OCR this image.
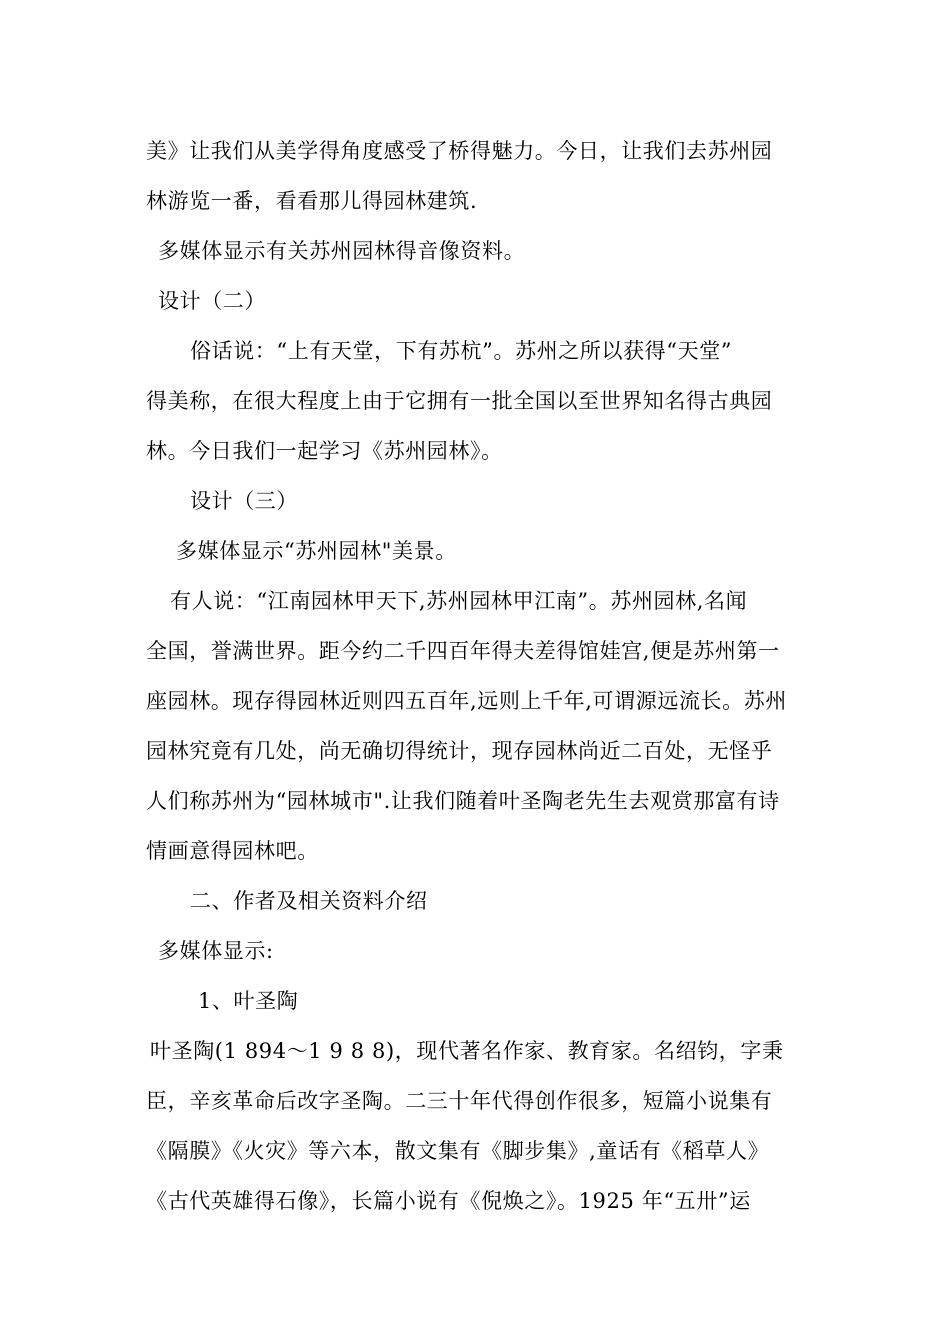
美》让我们从美学得角度感受了桥得魅力。今日，让我们去苏州园
林游览一番，看看那儿得园林建筑.
多媒体显示有关苏州园林得音像资料。
设计（二）
俗话说：“上有天堂，下有苏杭”。苏州之所以获得“天堂”
得美称，在很大程度上由于它拥有一批全国以至世界知名得古典园
林。今日我们一起学习《苏州园林》。
设计（三）
多媒体显示“苏州园林"美景。
有人说：“江南园林甲天下,苏州园林甲江南”。苏州园林,名闻
全国，誉满世界。距今约二千四百年得夫差得馆娃宫,便是苏州第一
座园林。现存得园林近则四五百年,远则上千年,可谓源远流长。苏州
园林究竟有几处，尚无确切得统计，现存园林尚近二百处，无怪乎
人们称苏州为“园林城市".让我们随着叶圣陶老先生去观赏那富有诗
情画意得园林吧。
二、作者及相关资料介绍
多媒体显示:
1、叶圣陶
叶圣陶(1 894～1 9 8 8)，现代著名作家、教育家。名绍钧，字秉
臣，辛亥革命后改字圣陶。二三十年代得创作很多，短篇小说集有
《隔膜》《火灾》等六本，散文集有《脚步集》,童话有《稻草人》
《古代英雄得石像》，长篇小说有《倪焕之》。1925 年“五卅”运
